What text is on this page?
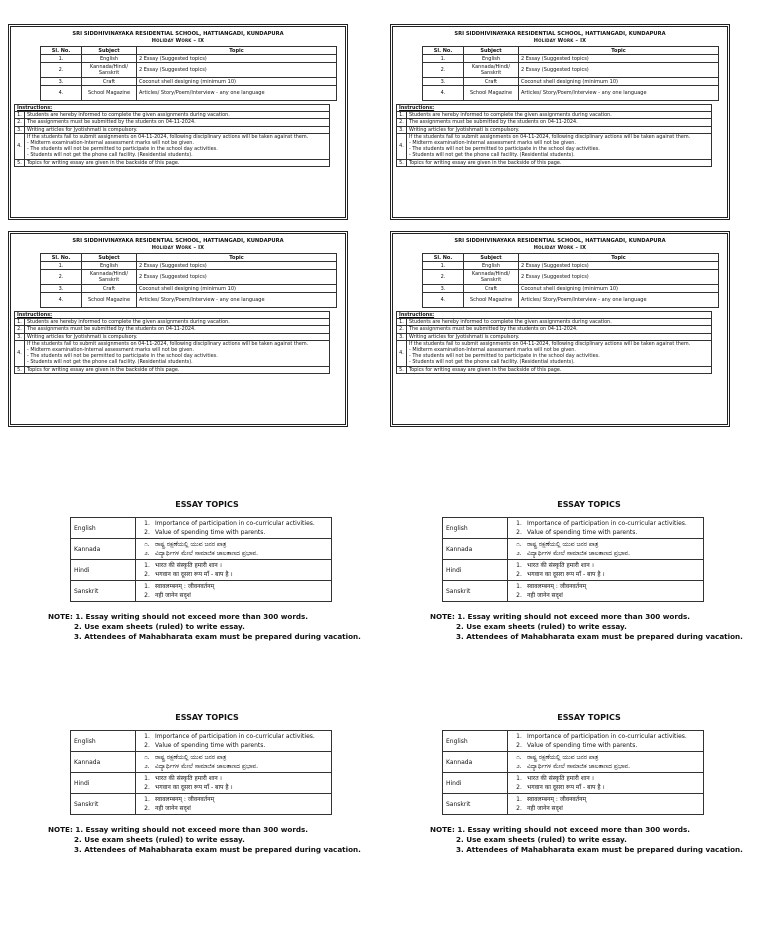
SRI SIDDHIVINAYAKA RESIDENTIAL SCHOOL, HATTIANGADI, KUNDAPURA
Holiday Work – IX
Sl. No.	Subject	Topic
1.	English	2 Essay (Suggested topics)
2.	Kannada/Hindi/ Sanskrit	2 Essay (Suggested topics)
3.	Craft	Coconut shell designing (minimum 10)
4.	School Magazine	Articles/ Story/Poem/Interview - any one language
Instructions:	
1.	Students are hereby informed to complete the given assignments during vacation.

2.	The assignments must be submitted by the students on 04-11-2024.

3.	Writing articles for Jyotishmati is compulsory.

4.	If the students fail to submit assignments on 04-11-2024, following disciplinary actions will be taken against them.
- Midterm examination-Internal assessment marks will not be given.
- The students will not be permitted to participate in the school day activities.
- Students will not get the phone call facility. (Residential students).

5.	Topics for writing essay are given in the backside of this page.
SRI SIDDHIVINAYAKA RESIDENTIAL SCHOOL, HATTIANGADI, KUNDAPURA
Holiday Work – IX
Sl. No.	Subject	Topic
1.	English	2 Essay (Suggested topics)
2.	Kannada/Hindi/ Sanskrit	2 Essay (Suggested topics)
3.	Craft	Coconut shell designing (minimum 10)
4.	School Magazine	Articles/ Story/Poem/Interview - any one language
Instructions:	
1.	Students are hereby informed to complete the given assignments during vacation.

2.	The assignments must be submitted by the students on 04-11-2024.

3.	Writing articles for Jyotishmati is compulsory.

4.	If the students fail to submit assignments on 04-11-2024, following disciplinary actions will be taken against them.
- Midterm examination-Internal assessment marks will not be given.
- The students will not be permitted to participate in the school day activities.
- Students will not get the phone call facility. (Residential students).

5.	Topics for writing essay are given in the backside of this page.
SRI SIDDHIVINAYAKA RESIDENTIAL SCHOOL, HATTIANGADI, KUNDAPURA
Holiday Work – IX
Sl. No.	Subject	Topic
1.	English	2 Essay (Suggested topics)
2.	Kannada/Hindi/ Sanskrit	2 Essay (Suggested topics)
3.	Craft	Coconut shell designing (minimum 10)
4.	School Magazine	Articles/ Story/Poem/Interview - any one language
Instructions:	
1.	Students are hereby informed to complete the given assignments during vacation.

2.	The assignments must be submitted by the students on 04-11-2024.

3.	Writing articles for Jyotishmati is compulsory.

4.	If the students fail to submit assignments on 04-11-2024, following disciplinary actions will be taken against them.
- Midterm examination-Internal assessment marks will not be given.
- The students will not be permitted to participate in the school day activities.
- Students will not get the phone call facility. (Residential students).

5.	Topics for writing essay are given in the backside of this page.
SRI SIDDHIVINAYAKA RESIDENTIAL SCHOOL, HATTIANGADI, KUNDAPURA
Holiday Work – IX
Sl. No.	Subject	Topic
1.	English	2 Essay (Suggested topics)
2.	Kannada/Hindi/ Sanskrit	2 Essay (Suggested topics)
3.	Craft	Coconut shell designing (minimum 10)
4.	School Magazine	Articles/ Story/Poem/Interview - any one language
Instructions:	
1.	Students are hereby informed to complete the given assignments during vacation.

2.	The assignments must be submitted by the students on 04-11-2024.

3.	Writing articles for Jyotishmati is compulsory.

4.	If the students fail to submit assignments on 04-11-2024, following disciplinary actions will be taken against them.
- Midterm examination-Internal assessment marks will not be given.
- The students will not be permitted to participate in the school day activities.
- Students will not get the phone call facility. (Residential students).

5.	Topics for writing essay are given in the backside of this page.
ESSAY TOPICS
English	1. Importance of participation in co-curricular activities.
2. Value of spending time with parents.

Kannada	೧. ರಾಷ್ಟ್ರ ರಕ್ಷಣೆಯಲ್ಲಿ ಯುವ ಜನರ ಪಾತ್ರ
೨. ವಿದ್ಯಾರ್ಥಿಗಳ ಮೇಲೆ ಸಾಮಾಜಿಕ ಜಾಲತಾಣದ ಪ್ರಭಾವ.

Hindi	1. भारत की संस्कृति हमारी शान ।
2. भगवान का दूसरा रूप माँ - बाप है ।

Sanskrit	1. स्वावलम्बनम् : जीवनवर्तनम्
2. नही जानेन सदृशं
NOTE: 1. Essay writing should not exceed more than 300 words.
2. Use exam sheets (ruled) to write essay.
3. Attendees of Mahabharata exam must be prepared during vacation.
ESSAY TOPICS
English	1. Importance of participation in co-curricular activities.
2. Value of spending time with parents.

Kannada	೧. ರಾಷ್ಟ್ರ ರಕ್ಷಣೆಯಲ್ಲಿ ಯುವ ಜನರ ಪಾತ್ರ
೨. ವಿದ್ಯಾರ್ಥಿಗಳ ಮೇಲೆ ಸಾಮಾಜಿಕ ಜಾಲತಾಣದ ಪ್ರಭಾವ.

Hindi	1. भारत की संस्कृति हमारी शान ।
2. भगवान का दूसरा रूप माँ - बाप है ।

Sanskrit	1. स्वावलम्बनम् : जीवनवर्तनम्
2. नही जानेन सदृशं
NOTE: 1. Essay writing should not exceed more than 300 words.
2. Use exam sheets (ruled) to write essay.
3. Attendees of Mahabharata exam must be prepared during vacation.
ESSAY TOPICS
English	1. Importance of participation in co-curricular activities.
2. Value of spending time with parents.

Kannada	೧. ರಾಷ್ಟ್ರ ರಕ್ಷಣೆಯಲ್ಲಿ ಯುವ ಜನರ ಪಾತ್ರ
೨. ವಿದ್ಯಾರ್ಥಿಗಳ ಮೇಲೆ ಸಾಮಾಜಿಕ ಜಾಲತಾಣದ ಪ್ರಭಾವ.

Hindi	1. भारत की संस्कृति हमारी शान ।
2. भगवान का दूसरा रूप माँ - बाप है ।

Sanskrit	1. स्वावलम्बनम् : जीवनवर्तनम्
2. नही जानेन सदृशं
NOTE: 1. Essay writing should not exceed more than 300 words.
2. Use exam sheets (ruled) to write essay.
3. Attendees of Mahabharata exam must be prepared during vacation.
ESSAY TOPICS
English	1. Importance of participation in co-curricular activities.
2. Value of spending time with parents.

Kannada	೧. ರಾಷ್ಟ್ರ ರಕ್ಷಣೆಯಲ್ಲಿ ಯುವ ಜನರ ಪಾತ್ರ
೨. ವಿದ್ಯಾರ್ಥಿಗಳ ಮೇಲೆ ಸಾಮಾಜಿಕ ಜಾಲತಾಣದ ಪ್ರಭಾವ.

Hindi	1. भारत की संस्कृति हमारी शान ।
2. भगवान का दूसरा रूप माँ - बाप है ।

Sanskrit	1. स्वावलम्बनम् : जीवनवर्तनम्
2. नही जानेन सदृशं
NOTE: 1. Essay writing should not exceed more than 300 words.
2. Use exam sheets (ruled) to write essay.
3. Attendees of Mahabharata exam must be prepared during vacation.
